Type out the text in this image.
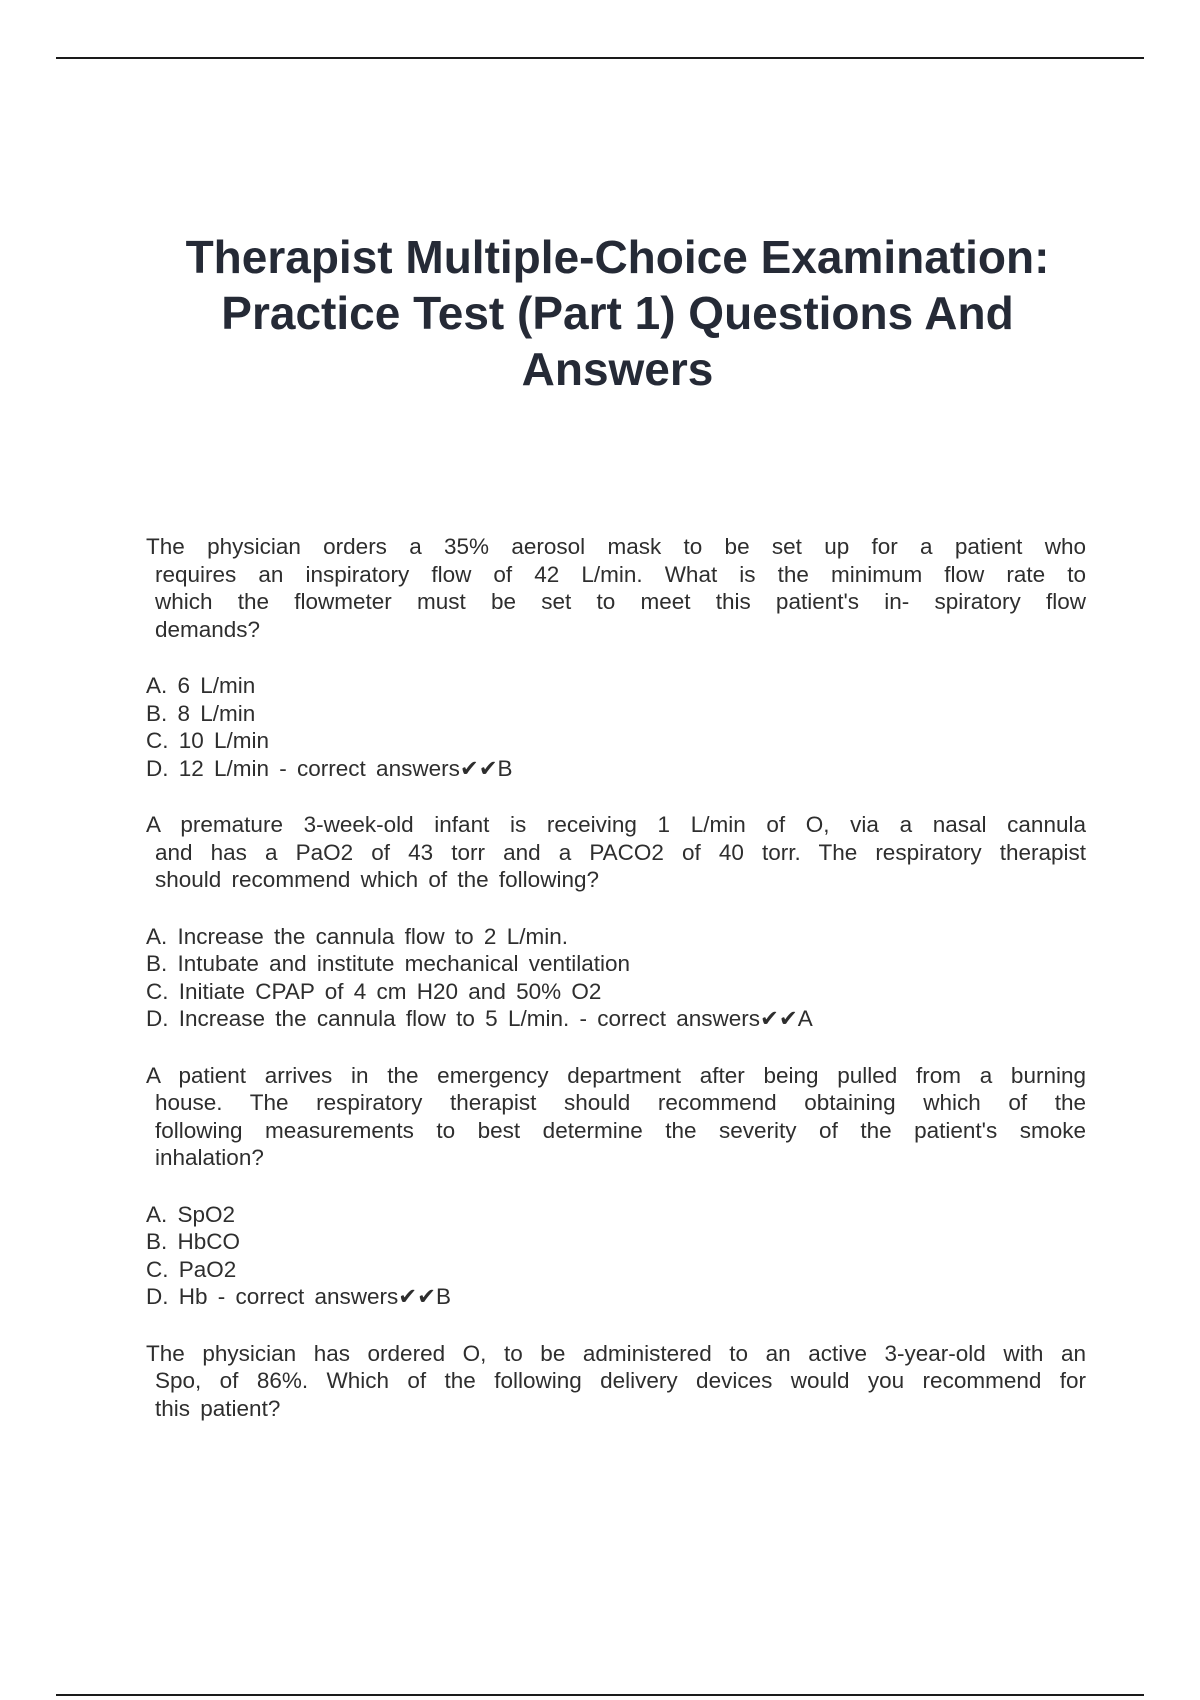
Therapist Multiple-Choice Examination:
Practice Test (Part 1) Questions And
Answers
The physician orders a 35% aerosol mask to be set up for a patient who
requires an inspiratory flow of 42 L/min. What is the minimum flow rate to
which the flowmeter must be set to meet this patient's in- spiratory flow
demands?
A. 6 L/min
B. 8 L/min
C. 10 L/min
D. 12 L/min - correct answers✔✔B
A premature 3-week-old infant is receiving 1 L/min of O, via a nasal cannula
and has a PaO2 of 43 torr and a PACO2 of 40 torr. The respiratory therapist
should recommend which of the following?
A. Increase the cannula flow to 2 L/min.
B. Intubate and institute mechanical ventilation
C. Initiate CPAP of 4 cm H20 and 50% O2
D. Increase the cannula flow to 5 L/min. - correct answers✔✔A
A patient arrives in the emergency department after being pulled from a burning
house. The respiratory therapist should recommend obtaining which of the
following measurements to best determine the severity of the patient's smoke
inhalation?
A. SpO2
B. HbCO
C. PaO2
D. Hb - correct answers✔✔B
The physician has ordered O, to be administered to an active 3-year-old with an
Spo, of 86%. Which of the following delivery devices would you recommend for
this patient?
